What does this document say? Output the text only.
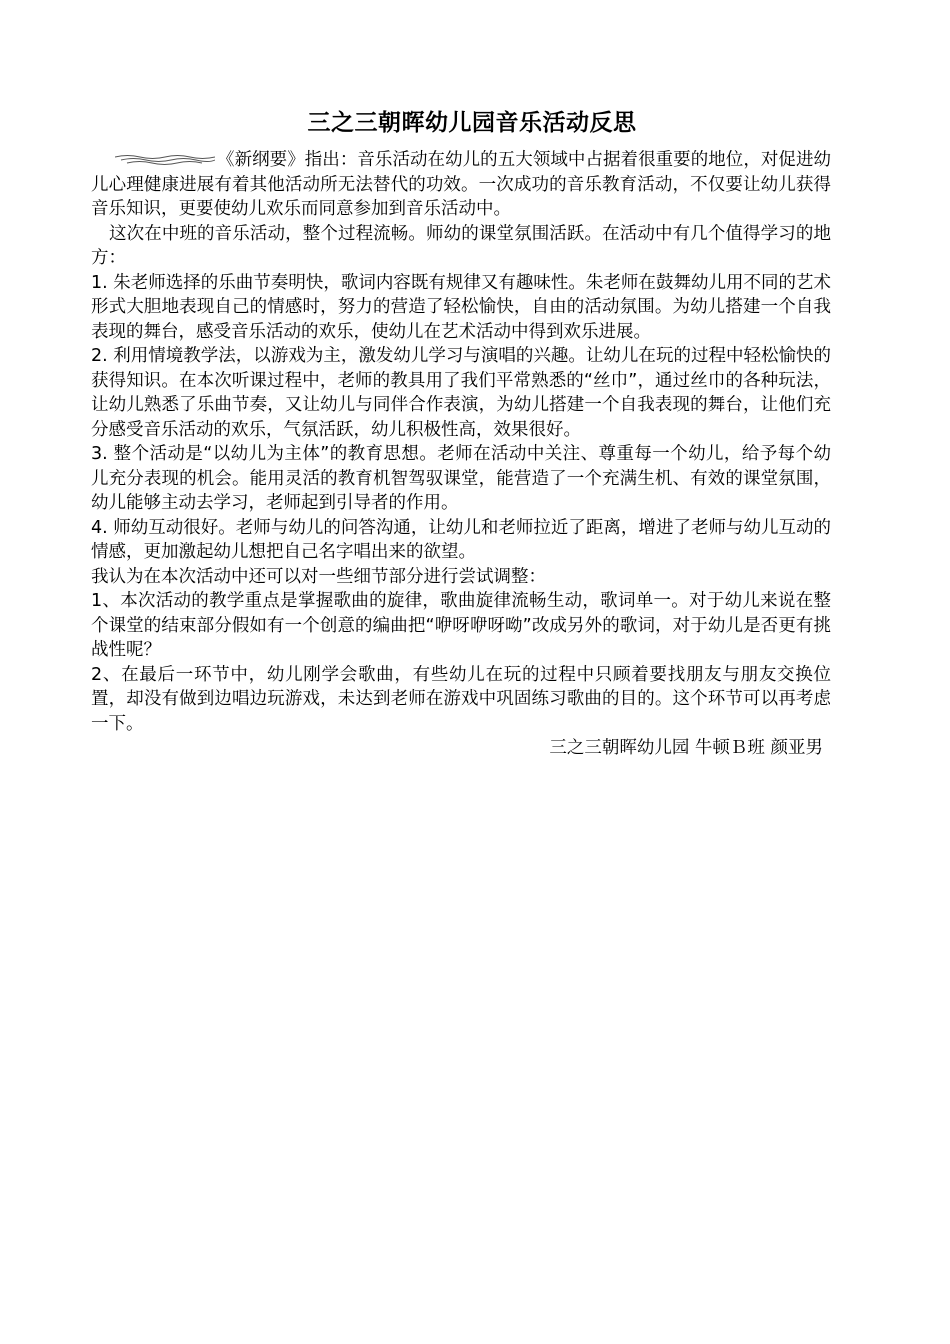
三之三朝晖幼儿园音乐活动反思

《新纲要》指出：音乐活动在幼儿的五大领域中占据着很重要的地位，对促进幼儿心理健康进展有着其他活动所无法替代的功效。一次成功的音乐教育活动，不仅要让幼儿获得音乐知识，更要使幼儿欢乐而同意参加到音乐活动中。

这次在中班的音乐活动，整个过程流畅。师幼的课堂氛围活跃。在活动中有几个值得学习的地方：

1. 朱老师选择的乐曲节奏明快，歌词内容既有规律又有趣味性。朱老师在鼓舞幼儿用不同的艺术形式大胆地表现自己的情感时，努力的营造了轻松愉快，自由的活动氛围。为幼儿搭建一个自我表现的舞台，感受音乐活动的欢乐，使幼儿在艺术活动中得到欢乐进展。

2. 利用情境教学法，以游戏为主，激发幼儿学习与演唱的兴趣。让幼儿在玩的过程中轻松愉快的获得知识。在本次听课过程中，老师的教具用了我们平常熟悉的“丝巾”，通过丝巾的各种玩法，让幼儿熟悉了乐曲节奏，又让幼儿与同伴合作表演，为幼儿搭建一个自我表现的舞台，让他们充分感受音乐活动的欢乐，气氛活跃，幼儿积极性高，效果很好。

3. 整个活动是“以幼儿为主体”的教育思想。老师在活动中关注、尊重每一个幼儿，给予每个幼儿充分表现的机会。能用灵活的教育机智驾驭课堂，能营造了一个充满生机、有效的课堂氛围，幼儿能够主动去学习，老师起到引导者的作用。

4. 师幼互动很好。老师与幼儿的问答沟通，让幼儿和老师拉近了距离，增进了老师与幼儿互动的情感，更加激起幼儿想把自己名字唱出来的欲望。

我认为在本次活动中还可以对一些细节部分进行尝试调整：

1、本次活动的教学重点是掌握歌曲的旋律，歌曲旋律流畅生动，歌词单一。对于幼儿来说在整个课堂的结束部分假如有一个创意的编曲把“咿呀咿呀呦”改成另外的歌词，对于幼儿是否更有挑战性呢？

2、在最后一环节中，幼儿刚学会歌曲，有些幼儿在玩的过程中只顾着要找朋友与朋友交换位置，却没有做到边唱边玩游戏，未达到老师在游戏中巩固练习歌曲的目的。这个环节可以再考虑一下。

三之三朝晖幼儿园 牛顿Ｂ班 颜亚男
